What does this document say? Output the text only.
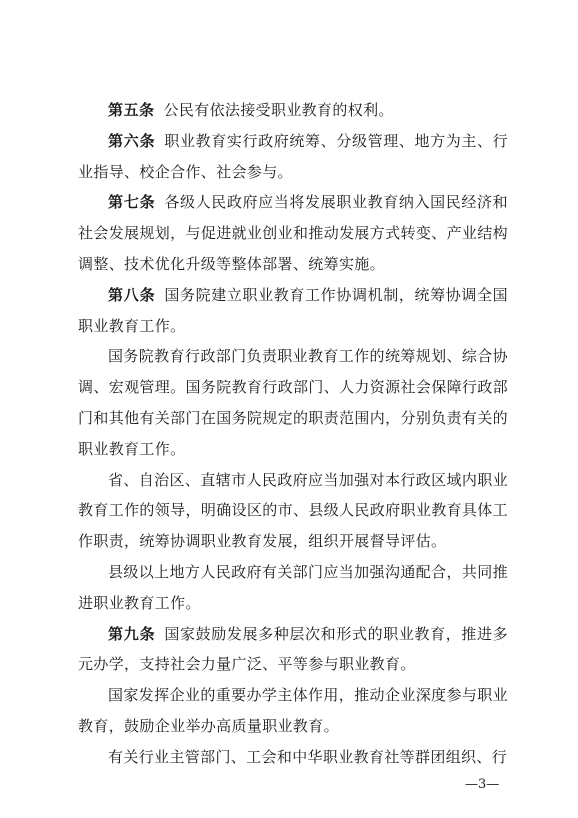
第五条 公民有依法接受职业教育的权利。

第六条 职业教育实行政府统筹、分级管理、地方为主、行业指导、校企合作、社会参与。

第七条 各级人民政府应当将发展职业教育纳入国民经济和社会发展规划，与促进就业创业和推动发展方式转变、产业结构调整、技术优化升级等整体部署、统筹实施。

第八条 国务院建立职业教育工作协调机制，统筹协调全国职业教育工作。

国务院教育行政部门负责职业教育工作的统筹规划、综合协调、宏观管理。国务院教育行政部门、人力资源社会保障行政部门和其他有关部门在国务院规定的职责范围内，分别负责有关的职业教育工作。

省、自治区、直辖市人民政府应当加强对本行政区域内职业教育工作的领导，明确设区的市、县级人民政府职业教育具体工作职责，统筹协调职业教育发展，组织开展督导评估。

县级以上地方人民政府有关部门应当加强沟通配合，共同推进职业教育工作。

第九条 国家鼓励发展多种层次和形式的职业教育，推进多元办学，支持社会力量广泛、平等参与职业教育。

国家发挥企业的重要办学主体作用，推动企业深度参与职业教育，鼓励企业举办高质量职业教育。

有关行业主管部门、工会和中华职业教育社等群团组织、行

—3—
